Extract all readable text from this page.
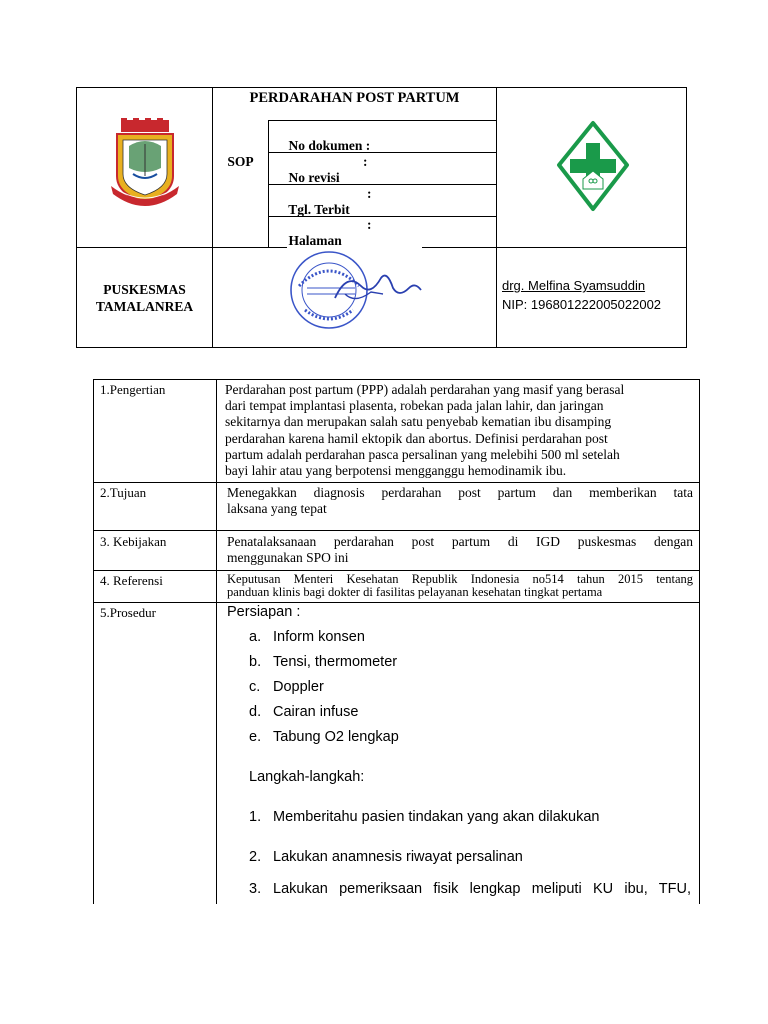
PERDARAHAN POST PARTUM
SOP

No dokumen :

No revisi

:

Tgl. Terbit

:

Halaman

:
PUSKESMAS
TAMALANREA
drg. Melfina Syamsuddin
NIP: 196801222005022002
1.Pengertian	Perdarahan post partum (PPP) adalah perdarahan yang masif yang berasal
dari tempat implantasi plasenta, robekan pada jalan lahir, dan jaringan
sekitarnya dan merupakan salah satu penyebab kematian ibu disamping
perdarahan karena hamil ektopik dan abortus. Definisi perdarahan post
partum adalah perdarahan pasca persalinan yang melebihi 500 ml setelah
bayi lahir atau yang berpotensi mengganggu hemodinamik ibu.
2.Tujuan	Menegakkan diagnosis perdarahan post partum dan memberikan tata
laksana yang tepat
3. Kebijakan	Penatalaksanaan perdarahan post partum di IGD puskesmas dengan
menggunakan SPO ini
4. Referensi	Keputusan Menteri Kesehatan Republik Indonesia no514 tahun 2015 tentang
panduan klinis bagi dokter di fasilitas pelayanan kesehatan tingkat pertama
5.Prosedur	Persiapan :
a. Inform konsen
b. Tensi, thermometer
c. Doppler
d. Cairan infuse
e. Tabung O2 lengkap
Langkah-langkah:
1. Memberitahu pasien tindakan yang akan dilakukan
2. Lakukan anamnesis riwayat persalinan
3. Lakukan pemeriksaan fisik lengkap meliputi KU ibu, TFU,
